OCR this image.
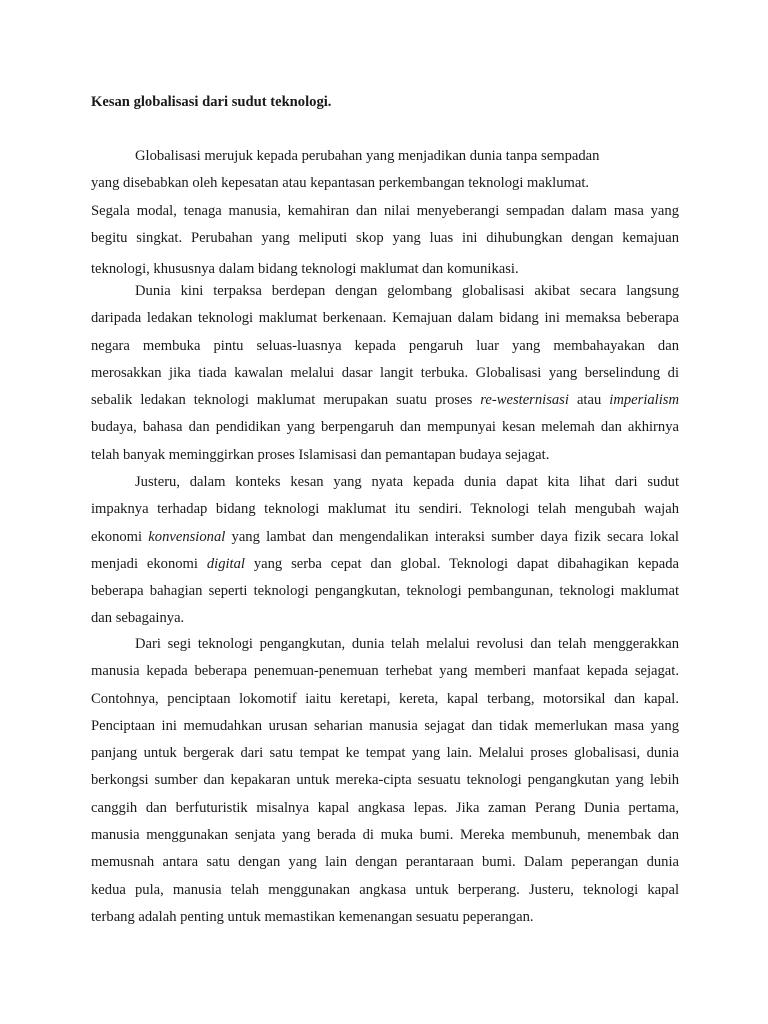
Kesan globalisasi dari sudut teknologi.
Globalisasi merujuk kepada perubahan yang menjadikan dunia tanpa sempadan
yang disebabkan oleh kepesatan atau kepantasan perkembangan teknologi maklumat.
Segala modal, tenaga manusia, kemahiran dan nilai menyeberangi sempadan dalam masa yang
begitu singkat. Perubahan yang meliputi skop yang luas ini dihubungkan dengan kemajuan
teknologi, khususnya dalam bidang teknologi maklumat dan komunikasi.
Dunia kini terpaksa berdepan dengan gelombang globalisasi akibat secara langsung
daripada ledakan teknologi maklumat berkenaan. Kemajuan dalam bidang ini memaksa beberapa
negara membuka pintu seluas-luasnya kepada pengaruh luar yang membahayakan dan
merosakkan jika tiada kawalan melalui dasar langit terbuka. Globalisasi yang berselindung di
sebalik ledakan teknologi maklumat merupakan suatu proses re-westernisasi atau imperialism
budaya, bahasa dan pendidikan yang berpengaruh dan mempunyai kesan melemah dan akhirnya
telah banyak meminggirkan proses Islamisasi dan pemantapan budaya sejagat.
Justeru, dalam konteks kesan yang nyata kepada dunia dapat kita lihat dari sudut
impaknya terhadap bidang teknologi maklumat itu sendiri. Teknologi telah mengubah wajah
ekonomi konvensional yang lambat dan mengendalikan interaksi sumber daya fizik secara lokal
menjadi ekonomi digital yang serba cepat dan global. Teknologi dapat dibahagikan kepada
beberapa bahagian seperti teknologi pengangkutan, teknologi pembangunan, teknologi maklumat
dan sebagainya.
Dari segi teknologi pengangkutan, dunia telah melalui revolusi dan telah menggerakkan
manusia kepada beberapa penemuan-penemuan terhebat yang memberi manfaat kepada sejagat.
Contohnya, penciptaan lokomotif iaitu keretapi, kereta, kapal terbang, motorsikal dan kapal.
Penciptaan ini memudahkan urusan seharian manusia sejagat dan tidak memerlukan masa yang
panjang untuk bergerak dari satu tempat ke tempat yang lain. Melalui proses globalisasi, dunia
berkongsi sumber dan kepakaran untuk mereka-cipta sesuatu teknologi pengangkutan yang lebih
canggih dan berfuturistik misalnya kapal angkasa lepas. Jika zaman Perang Dunia pertama,
manusia menggunakan senjata yang berada di muka bumi. Mereka membunuh, menembak dan
memusnah antara satu dengan yang lain dengan perantaraan bumi. Dalam peperangan dunia
kedua pula, manusia telah menggunakan angkasa untuk berperang. Justeru, teknologi kapal
terbang adalah penting untuk memastikan kemenangan sesuatu peperangan.
